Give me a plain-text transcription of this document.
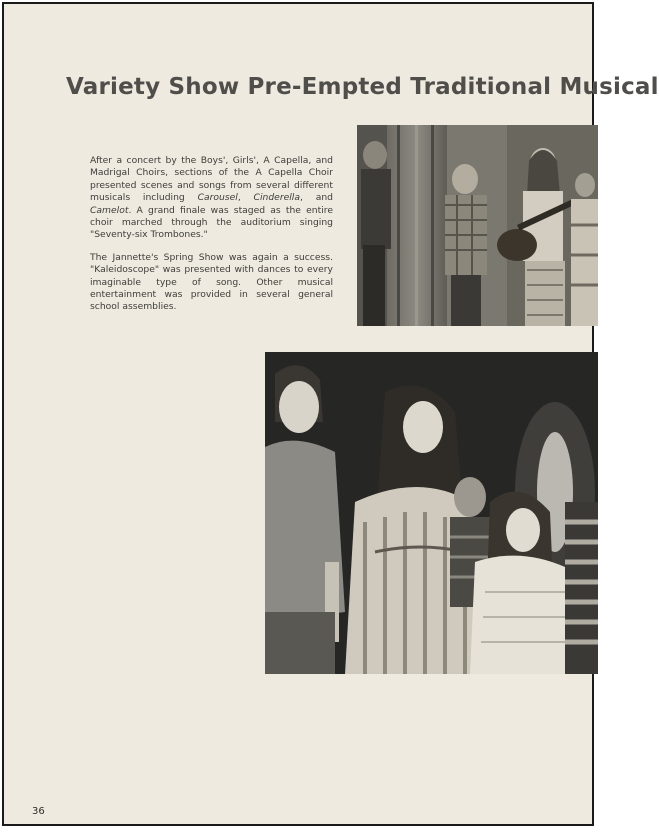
Variety Show Pre-Empted Traditional Musical

After a concert by the Boys', Girls', A Capella, and Madrigal Choirs, sections of the A Capella Choir presented scenes and songs from several different musicals including Carousel, Cinderella, and Camelot. A grand finale was staged as the entire choir marched through the auditorium singing "Seventy-six Trombones."

The Jannette's Spring Show was again a success. "Kaleidoscope" was presented with dances to every imaginable type of song. Other musical entertainment was provided in several general school assemblies.

36
